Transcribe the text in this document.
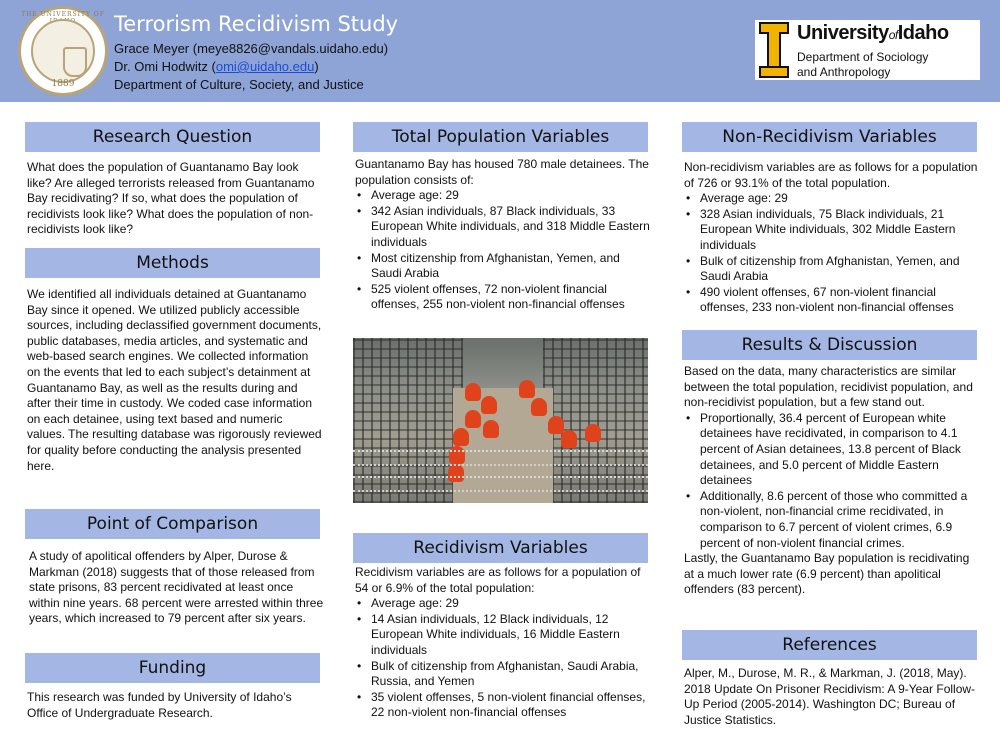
THE UNIVERSITY OF
1889
Terrorism Recidivism Study
Grace Meyer (meye8826@vandals.uidaho.edu)
Dr. Omi Hodwitz (omi@uidaho.edu)
Department of Culture, Society, and Justice
UniversityofIdaho
Department of Sociology
and Anthropology
Research Question
What does the population of Guantanamo Bay look like? Are alleged terrorists released from Guantanamo Bay recidivating? If so, what does the population of recidivists look like? What does the population of non-recidivists look like?
Methods
We identified all individuals detained at Guantanamo Bay since it opened. We utilized publicly accessible sources, including declassified government documents, public databases, media articles, and systematic and web-based search engines. We collected information on the events that led to each subject’s detainment at Guantanamo Bay, as well as the results during and after their time in custody. We coded case information on each detainee, using text based and numeric values. The resulting database was rigorously reviewed for quality before conducting the analysis presented here.
Point of Comparison
A study of apolitical offenders by Alper, Durose & Markman (2018) suggests that of those released from state prisons, 83 percent recidivated at least once within nine years. 68 percent were arrested within three years, which increased to 79 percent after six years.
Funding
This research was funded by University of Idaho’s Office of Undergraduate Research.
Total Population Variables
Guantanamo Bay has housed 780 male detainees. The population consists of:
• Average age: 29
• 342 Asian individuals, 87 Black individuals, 33 European White individuals, and 318 Middle Eastern individuals
• Most citizenship from Afghanistan, Yemen, and Saudi Arabia
• 525 violent offenses, 72 non-violent financial offenses, 255 non-violent non-financial offenses
Recidivism Variables
Recidivism variables are as follows for a population of 54 or 6.9% of the total population:
• Average age: 29
• 14 Asian individuals, 12 Black individuals, 12 European White individuals, 16 Middle Eastern individuals
• Bulk of citizenship from Afghanistan, Saudi Arabia, Russia, and Yemen
• 35 violent offenses, 5 non-violent financial offenses, 22 non-violent non-financial offenses
Non-Recidivism Variables
Non-recidivism variables are as follows for a population of 726 or 93.1% of the total population.
• Average age: 29
• 328 Asian individuals, 75 Black individuals, 21 European White individuals, 302 Middle Eastern individuals
• Bulk of citizenship from Afghanistan, Yemen, and Saudi Arabia
• 490 violent offenses, 67 non-violent financial offenses, 233 non-violent non-financial offenses
Results & Discussion
Based on the data, many characteristics are similar between the total population, recidivist population, and non-recidivist population, but a few stand out.
• Proportionally, 36.4 percent of European white detainees have recidivated, in comparison to 4.1 percent of Asian detainees, 13.8 percent of Black detainees, and 5.0 percent of Middle Eastern detainees
• Additionally, 8.6 percent of those who committed a non-violent, non-financial crime recidivated, in comparison to 6.7 percent of violent crimes, 6.9 percent of non-violent financial crimes.
Lastly, the Guantanamo Bay population is recidivating at a much lower rate (6.9 percent) than apolitical offenders (83 percent).
References
Alper, M., Durose, M. R., & Markman, J. (2018, May). 2018 Update On Prisoner Recidivism: A 9-Year Follow-Up Period (2005-2014). Washington DC; Bureau of Justice Statistics.
